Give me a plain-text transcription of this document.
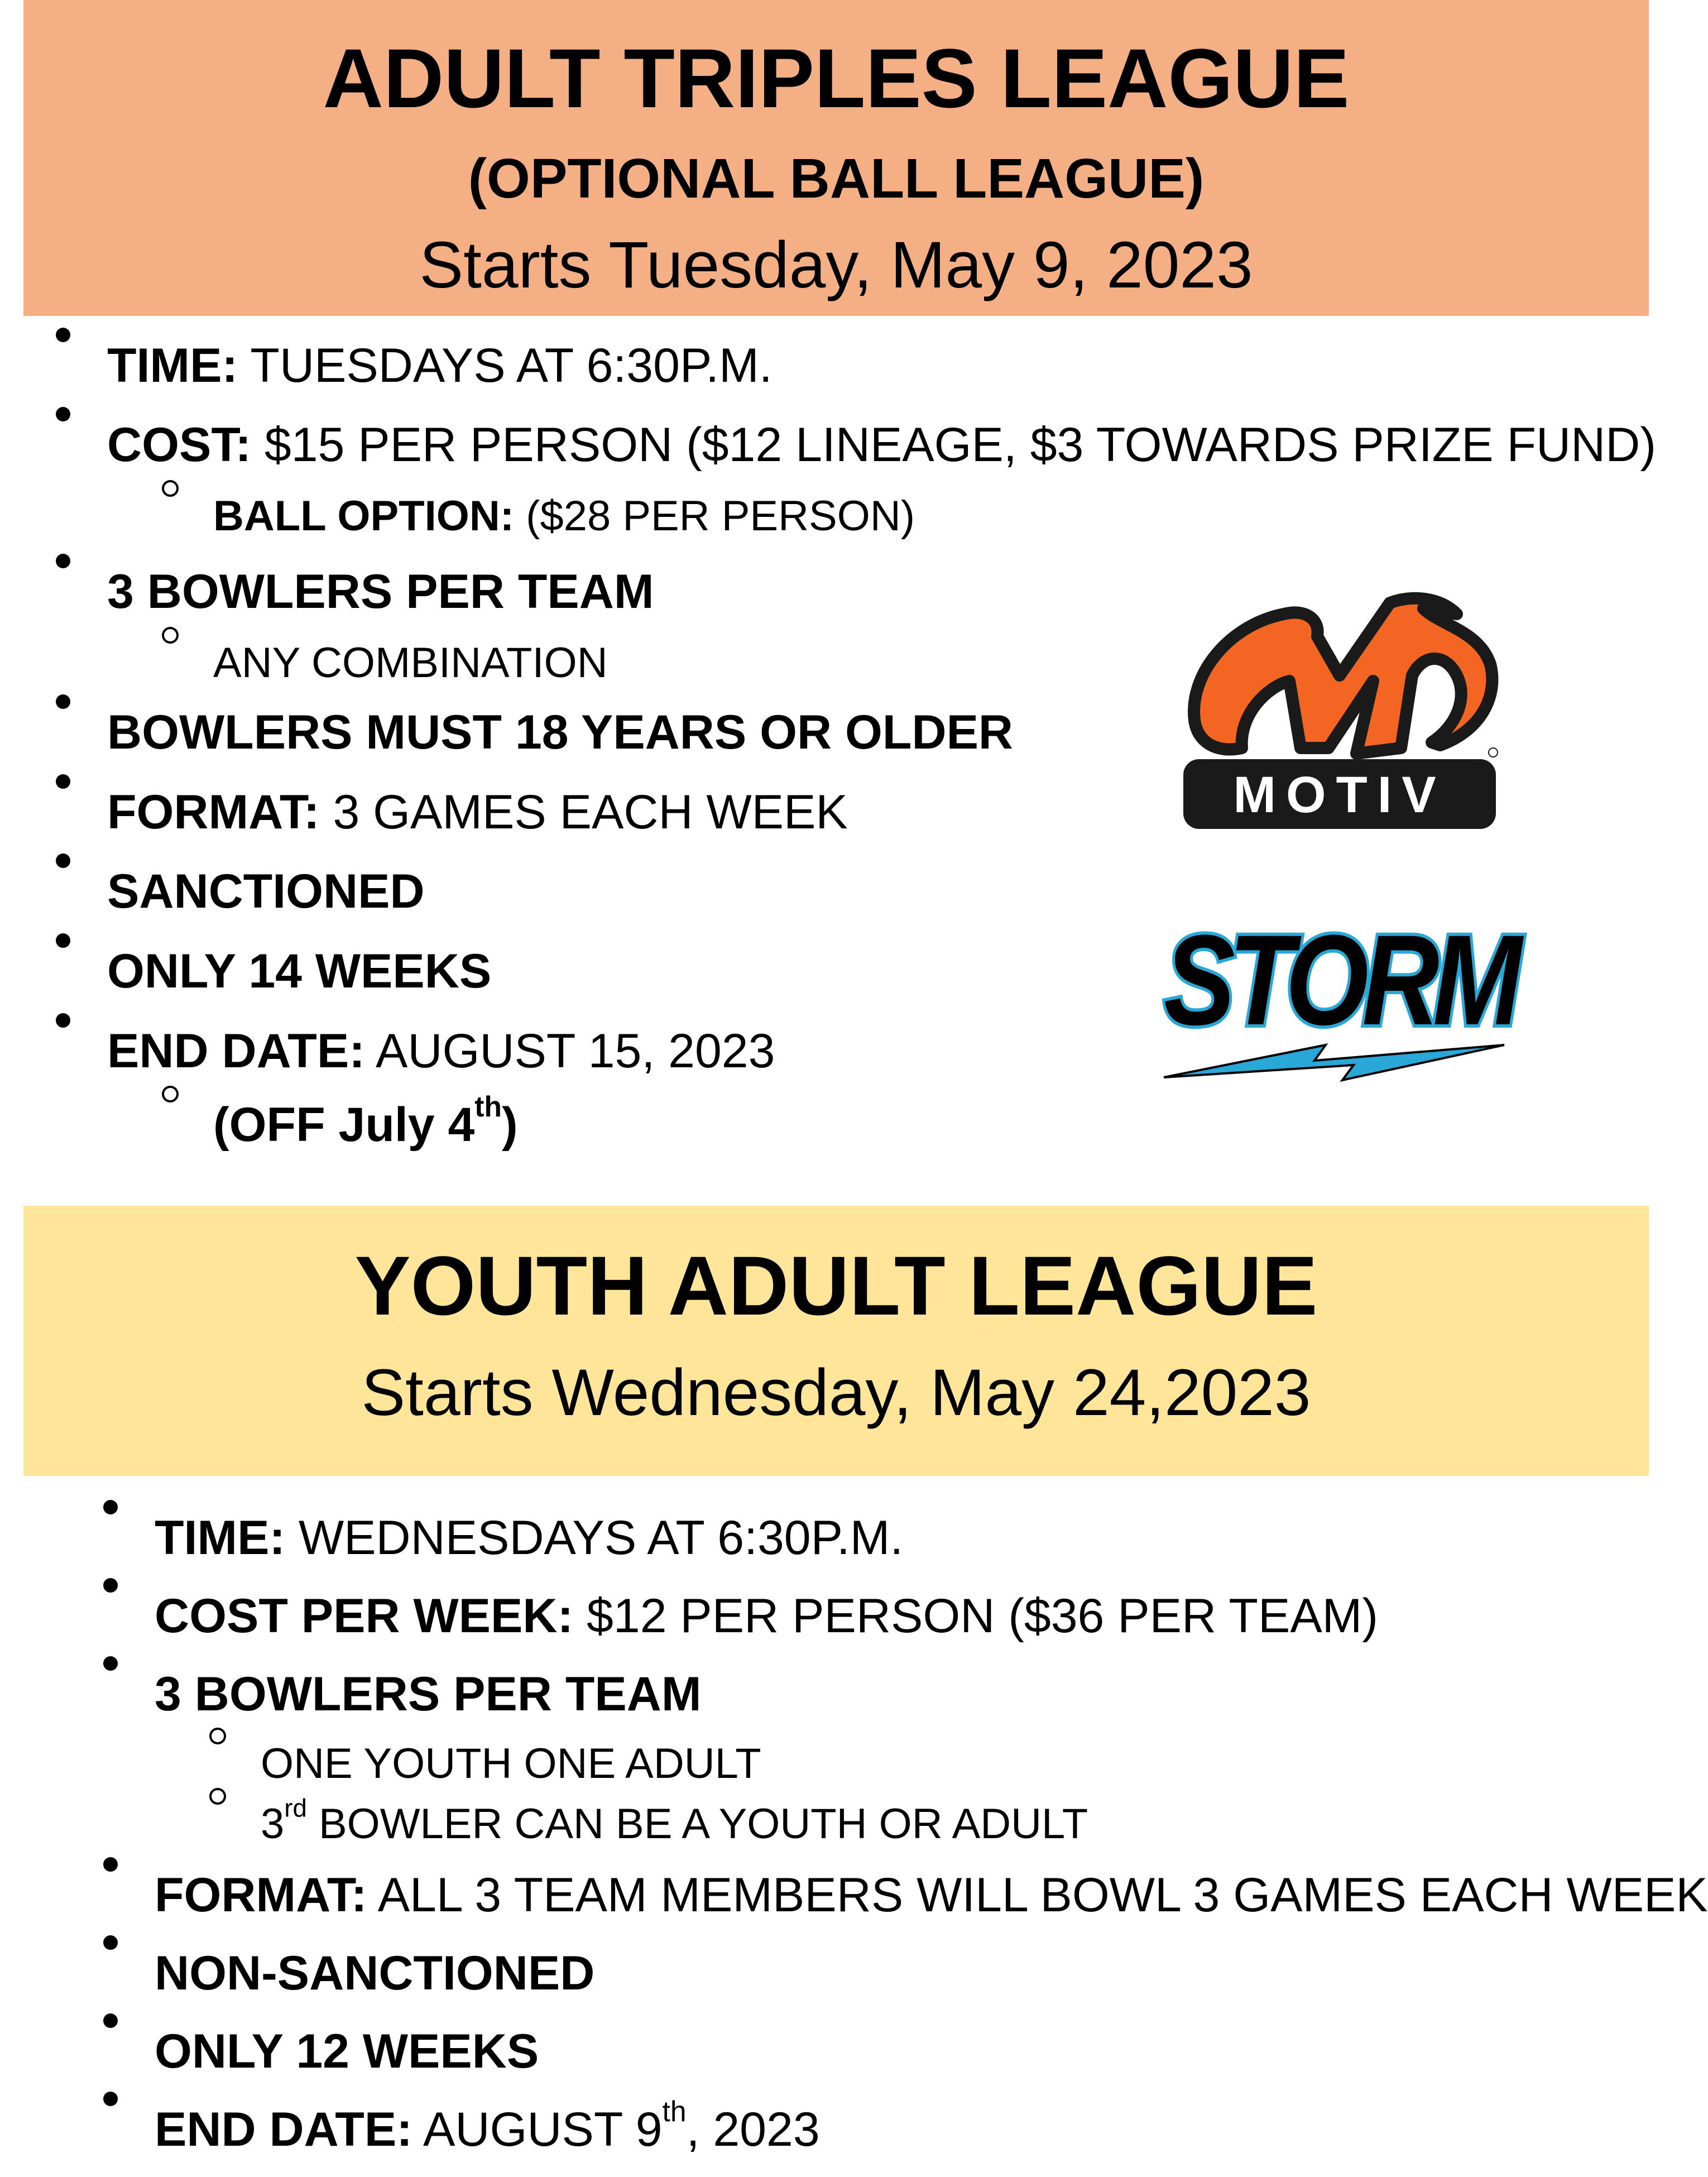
ADULT TRIPLES LEAGUE
(OPTIONAL BALL LEAGUE)
Starts Tuesday, May 9, 2023
TIME: TUESDAYS AT 6:30P.M.
COST: $15 PER PERSON ($12 LINEAGE, $3 TOWARDS PRIZE FUND)
BALL OPTION: ($28 PER PERSON)
3 BOWLERS PER TEAM
ANY COMBINATION
BOWLERS MUST 18 YEARS OR OLDER
FORMAT: 3 GAMES EACH WEEK
SANCTIONED
ONLY 14 WEEKS
END DATE: AUGUST 15, 2023
(OFF July 4th)
MOTIV
STORM
YOUTH ADULT LEAGUE
Starts Wednesday, May 24,2023
TIME: WEDNESDAYS AT 6:30P.M.
COST PER WEEK: $12 PER PERSON ($36 PER TEAM)
3 BOWLERS PER TEAM
ONE YOUTH ONE ADULT
3rd BOWLER CAN BE A YOUTH OR ADULT
FORMAT: ALL 3 TEAM MEMBERS WILL BOWL 3 GAMES EACH WEEK
NON-SANCTIONED
ONLY 12 WEEKS
END DATE: AUGUST 9th, 2023
